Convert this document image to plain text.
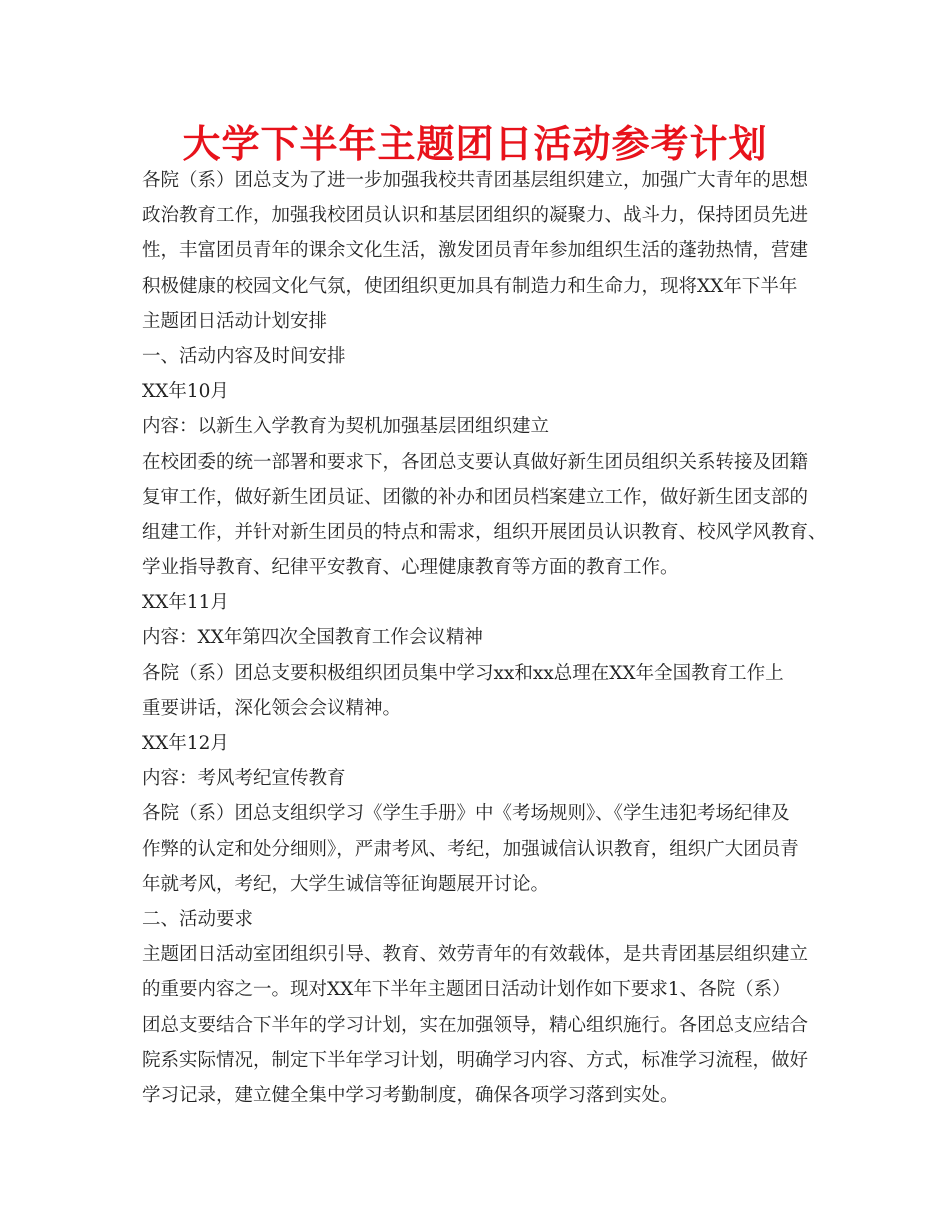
大学下半年主题团日活动参考计划
各院（系）团总支为了进一步加强我校共青团基层组织建立，加强广大青年的思想
政治教育工作，加强我校团员认识和基层团组织的凝聚力、战斗力，保持团员先进
性，丰富团员青年的课余文化生活，激发团员青年参加组织生活的蓬勃热情，营建
积极健康的校园文化气氛，使团组织更加具有制造力和生命力，现将XX年下半年
主题团日活动计划安排
一、活动内容及时间安排
XX年10月
内容：以新生入学教育为契机加强基层团组织建立
在校团委的统一部署和要求下，各团总支要认真做好新生团员组织关系转接及团籍
复审工作，做好新生团员证、团徽的补办和团员档案建立工作，做好新生团支部的
组建工作，并针对新生团员的特点和需求，组织开展团员认识教育、校风学风教育、
学业指导教育、纪律平安教育、心理健康教育等方面的教育工作。
XX年11月
内容：XX年第四次全国教育工作会议精神
各院（系）团总支要积极组织团员集中学习xx和xx总理在XX年全国教育工作上
重要讲话，深化领会会议精神。
XX年12月
内容：考风考纪宣传教育
各院（系）团总支组织学习《学生手册》中《考场规则》、《学生违犯考场纪律及
作弊的认定和处分细则》，严肃考风、考纪，加强诚信认识教育，组织广大团员青
年就考风，考纪，大学生诚信等征询题展开讨论。
二、活动要求
主题团日活动室团组织引导、教育、效劳青年的有效载体，是共青团基层组织建立
的重要内容之一。现对XX年下半年主题团日活动计划作如下要求1、各院（系）
团总支要结合下半年的学习计划，实在加强领导，精心组织施行。各团总支应结合
院系实际情况，制定下半年学习计划，明确学习内容、方式，标准学习流程，做好
学习记录，建立健全集中学习考勤制度，确保各项学习落到实处。
